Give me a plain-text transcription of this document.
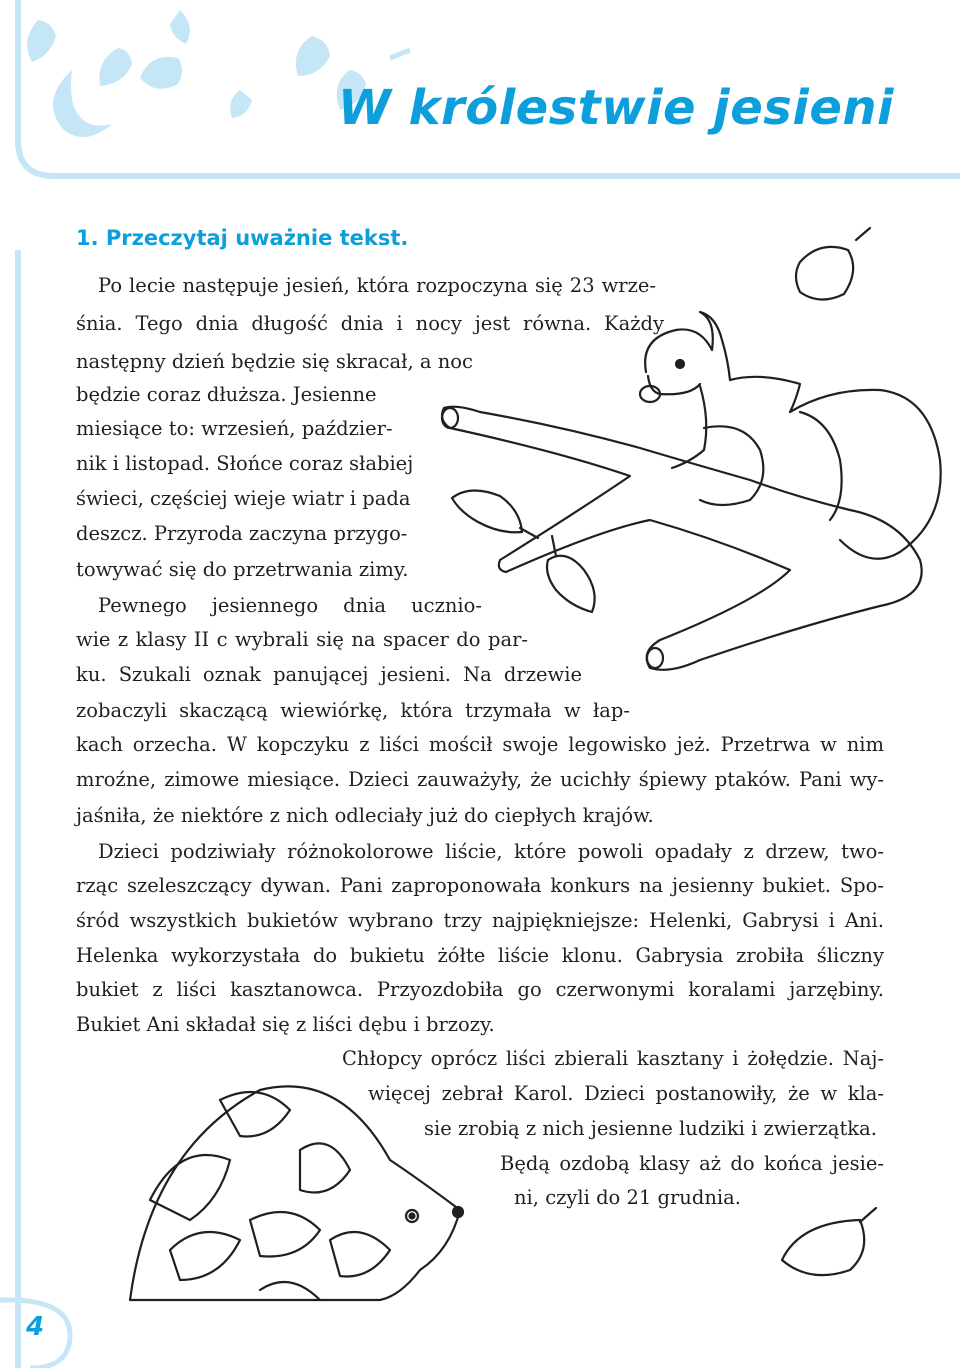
W królestwie jesieni
1. Przeczytaj uważnie tekst.

Po lecie następuje jesień, która rozpoczyna się 23 wrze-

śnia. Tego dnia długość dnia i nocy jest równa. Każdy

następny dzień będzie się skracał, a noc

będzie coraz dłuższa. Jesienne

miesiące to: wrzesień, paździer-

nik i listopad. Słońce coraz słabiej

świeci, częściej wieje wiatr i pada

deszcz. Przyroda zaczyna przygo-

towywać się do przetrwania zimy.

Pewnego jesiennego dnia ucznio-

wie z klasy II c wybrali się na spacer do par-

ku. Szukali oznak panującej jesieni. Na drzewie

zobaczyli skaczącą wiewiórkę, która trzymała w łap-

kach orzecha. W kopczyku z liści mościł swoje legowisko jeż. Przetrwa w nim

mroźne, zimowe miesiące. Dzieci zauważyły, że ucichły śpiewy ptaków. Pani wy-

jaśniła, że niektóre z nich odleciały już do ciepłych krajów.

Dzieci podziwiały różnokolorowe liście, które powoli opadały z drzew, two-

rząc szeleszczący dywan. Pani zaproponowała konkurs na jesienny bukiet. Spo-

śród wszystkich bukietów wybrano trzy najpiękniejsze: Helenki, Gabrysi i Ani.

Helenka wykorzystała do bukietu żółte liście klonu. Gabrysia zrobiła śliczny

bukiet z liści kasztanowca. Przyozdobiła go czerwonymi koralami jarzębiny.

Bukiet Ani składał się z liści dębu i brzozy.

Chłopcy oprócz liści zbierali kasztany i żołędzie. Naj-

więcej zebrał Karol. Dzieci postanowiły, że w kla-

sie zrobią z nich jesienne ludziki i zwierzątka.

Będą ozdobą klasy aż do końca jesie-

ni, czyli do 21 grudnia.

4
